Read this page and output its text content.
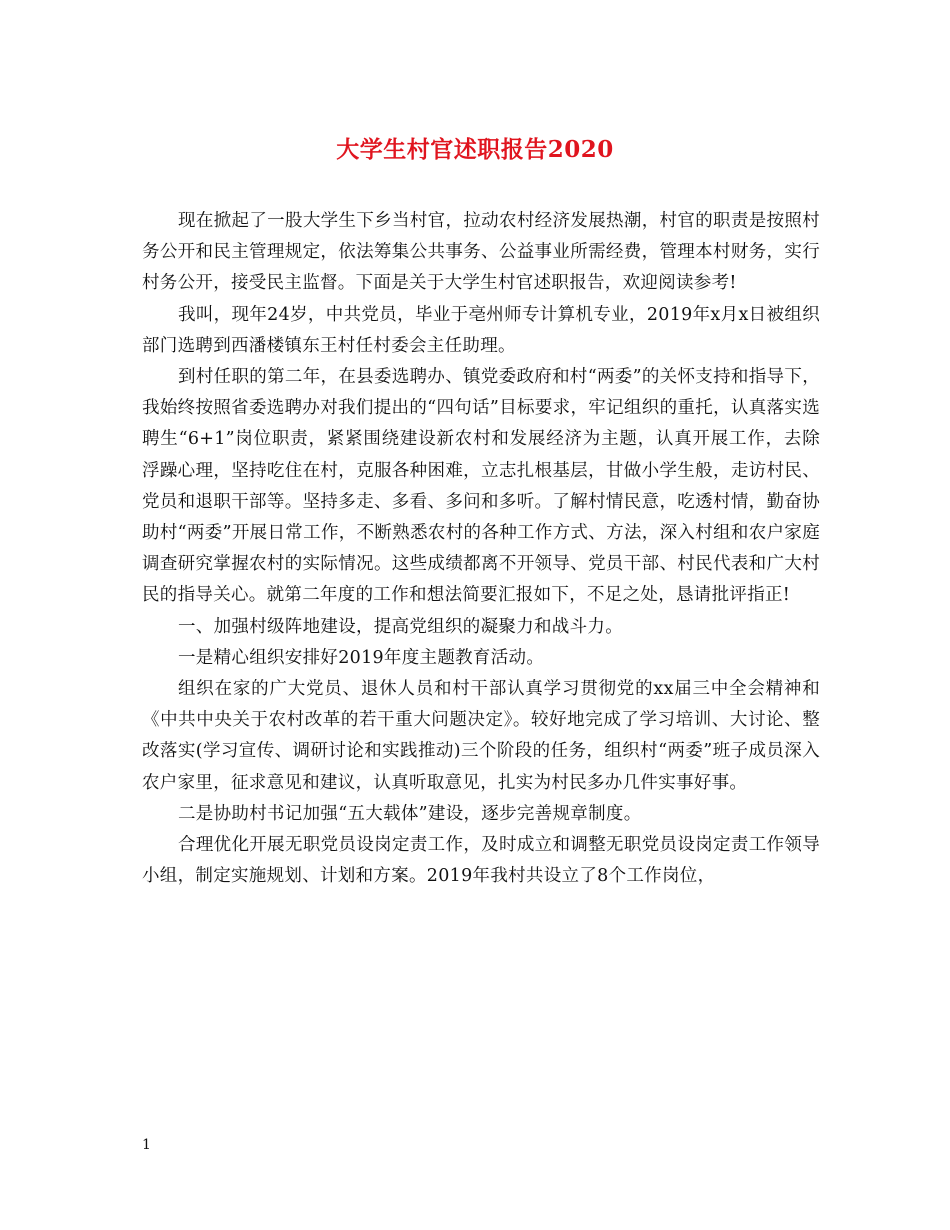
大学生村官述职报告2020

现在掀起了一股大学生下乡当村官，拉动农村经济发展热潮，村官的职责是按照村务公开和民主管理规定，依法筹集公共事务、公益事业所需经费，管理本村财务，实行村务公开，接受民主监督。下面是关于大学生村官述职报告，欢迎阅读参考!

我叫，现年24岁，中共党员，毕业于亳州师专计算机专业，2019年x月x日被组织部门选聘到西潘楼镇东王村任村委会主任助理。

到村任职的第二年，在县委选聘办、镇党委政府和村“两委”的关怀支持和指导下，我始终按照省委选聘办对我们提出的“四句话”目标要求，牢记组织的重托，认真落实选聘生“6+1”岗位职责，紧紧围绕建设新农村和发展经济为主题，认真开展工作，去除浮躁心理，坚持吃住在村，克服各种困难，立志扎根基层，甘做小学生般，走访村民、党员和退职干部等。坚持多走、多看、多问和多听。了解村情民意，吃透村情，勤奋协助村“两委”开展日常工作，不断熟悉农村的各种工作方式、方法，深入村组和农户家庭调查研究掌握农村的实际情况。这些成绩都离不开领导、党员干部、村民代表和广大村民的指导关心。就第二年度的工作和想法简要汇报如下，不足之处，恳请批评指正!

一、加强村级阵地建设，提高党组织的凝聚力和战斗力。

一是精心组织安排好2019年度主题教育活动。

组织在家的广大党员、退休人员和村干部认真学习贯彻党的xx届三中全会精神和《中共中央关于农村改革的若干重大问题决定》。较好地完成了学习培训、大讨论、整改落实(学习宣传、调研讨论和实践推动)三个阶段的任务，组织村“两委”班子成员深入农户家里，征求意见和建议，认真听取意见，扎实为村民多办几件实事好事。

二是协助村书记加强“五大载体”建设，逐步完善规章制度。

合理优化开展无职党员设岗定责工作，及时成立和调整无职党员设岗定责工作领导小组，制定实施规划、计划和方案。2019年我村共设立了8个工作岗位，

1
